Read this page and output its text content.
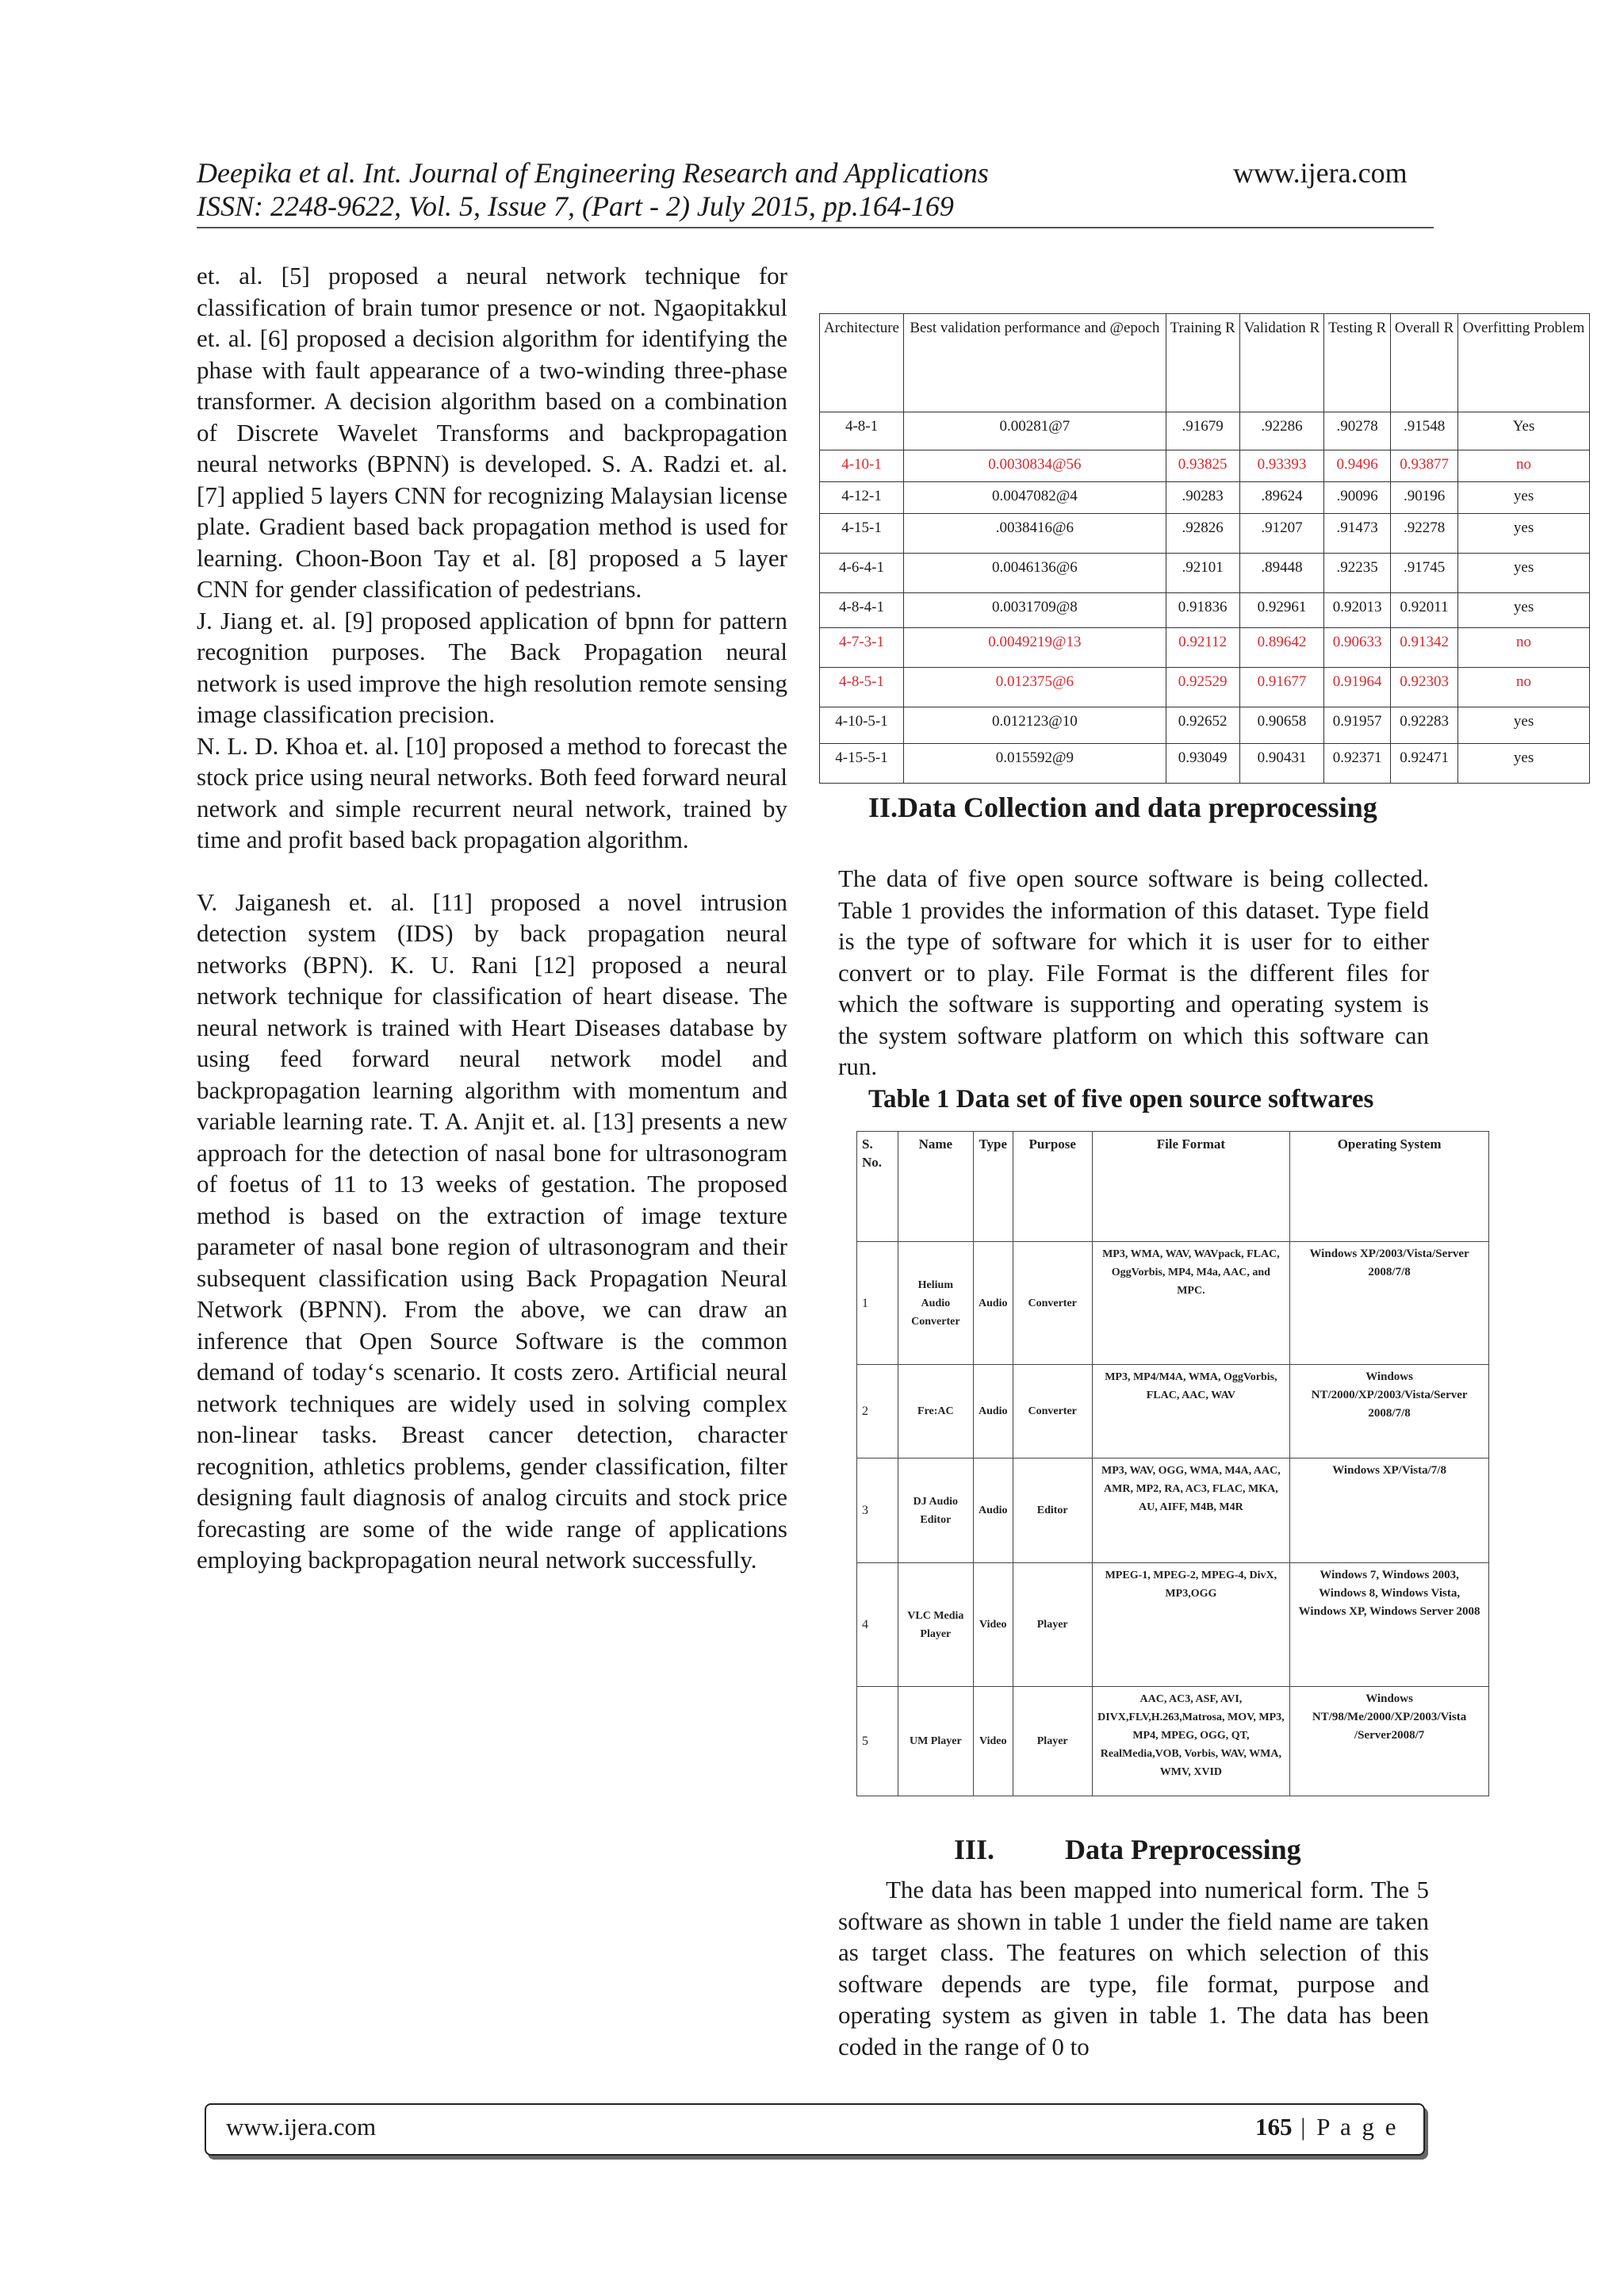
Deepika et al. Int. Journal of Engineering Research and Applications	www.ijera.com
ISSN: 2248-9622, Vol. 5, Issue 7, (Part - 2) July 2015, pp.164-169

et. al. [5] proposed a neural network technique for classification of brain tumor presence or not. Ngaopitakkul et. al. [6] proposed a decision algorithm for identifying the phase with fault appearance of a two-winding three-phase transformer. A decision algorithm based on a combination of Discrete Wavelet Transforms and backpropagation neural networks (BPNN) is developed. S. A. Radzi et. al. [7] applied 5 layers CNN for recognizing Malaysian license plate. Gradient based back propagation method is used for learning. Choon-Boon Tay et al. [8] proposed a 5 layer CNN for gender classification of pedestrians.

J. Jiang et. al. [9] proposed application of bpnn for pattern recognition purposes. The Back Propagation neural network is used improve the high resolution remote sensing image classification precision.

N. L. D. Khoa et. al. [10] proposed a method to forecast the stock price using neural networks. Both feed forward neural network and simple recurrent neural network, trained by time and profit based back propagation algorithm.

V. Jaiganesh et. al. [11] proposed a novel intrusion detection system (IDS) by back propagation neural networks (BPN). K. U. Rani [12] proposed a neural network technique for classification of heart disease. The neural network is trained with Heart Diseases database by using feed forward neural network model and backpropagation learning algorithm with momentum and variable learning rate. T. A. Anjit et. al. [13] presents a new approach for the detection of nasal bone for ultrasonogram of foetus of 11 to 13 weeks of gestation. The proposed method is based on the extraction of image texture parameter of nasal bone region of ultrasonogram and their subsequent classification using Back Propagation Neural Network (BPNN). From the above, we can draw an inference that Open Source Software is the common demand of today‘s scenario. It costs zero. Artificial neural network techniques are widely used in solving complex non-linear tasks. Breast cancer detection, character recognition, athletics problems, gender classification, filter designing fault diagnosis of analog circuits and stock price forecasting are some of the wide range of applications employing backpropagation neural network successfully.

Architecture	Best validation performance and @epoch	Training R	Validation R	Testing R	Overall R	Overfitting Problem
4-8-1	0.00281@7	.91679	.92286	.90278	.91548	Yes
4-10-1	0.0030834@56	0.93825	0.93393	0.9496	0.93877	no
4-12-1	0.0047082@4	.90283	.89624	.90096	.90196	yes
4-15-1	.0038416@6	.92826	.91207	.91473	.92278	yes
4-6-4-1	0.0046136@6	.92101	.89448	.92235	.91745	yes
4-8-4-1	0.0031709@8	0.91836	0.92961	0.92013	0.92011	yes
4-7-3-1	0.0049219@13	0.92112	0.89642	0.90633	0.91342	no
4-8-5-1	0.012375@6	0.92529	0.91677	0.91964	0.92303	no
4-10-5-1	0.012123@10	0.92652	0.90658	0.91957	0.92283	yes
4-15-5-1	0.015592@9	0.93049	0.90431	0.92371	0.92471	yes
II.Data Collection and data preprocessing

The data of five open source software is being collected. Table 1 provides the information of this dataset. Type field is the type of software for which it is user for to either convert or to play. File Format is the different files for which the software is supporting and operating system is the system software platform on which this software can run.

Table 1 Data set of five open source softwares
S. No.	Name	Type	Purpose	File Format	Operating System
1	Helium Audio Converter	Audio	Converter	MP3, WMA, WAV, WAVpack, FLAC, OggVorbis, MP4, M4a, AAC, and MPC.	Windows XP/2003/Vista/Server 2008/7/8
2	Fre:AC	Audio	Converter	MP3, MP4/M4A, WMA, OggVorbis, FLAC, AAC, WAV	Windows NT/2000/XP/2003/Vista/Server 2008/7/8
3	DJ Audio Editor	Audio	Editor	MP3, WAV, OGG, WMA, M4A, AAC, AMR, MP2, RA, AC3, FLAC, MKA, AU, AIFF, M4B, M4R	Windows XP/Vista/7/8
4	VLC Media Player	Video	Player	MPEG-1, MPEG-2, MPEG-4, DivX, MP3,OGG	Windows 7, Windows 2003, Windows 8, Windows Vista, Windows XP, Windows Server 2008
5	UM Player	Video	Player	AAC, AC3, ASF, AVI, DIVX,FLV,H.263,Matrosa, MOV, MP3, MP4, MPEG, OGG, QT, RealMedia,VOB, Vorbis, WAV, WMA, WMV, XVID	Windows NT/98/Me/2000/XP/2003/Vista /Server2008/7
III. Data Preprocessing

The data has been mapped into numerical form. The 5 software as shown in table 1 under the field name are taken as target class. The features on which selection of this software depends are type, file format, purpose and operating system as given in table 1. The data has been coded in the range of 0 to

www.ijera.com	165 | P a g e
